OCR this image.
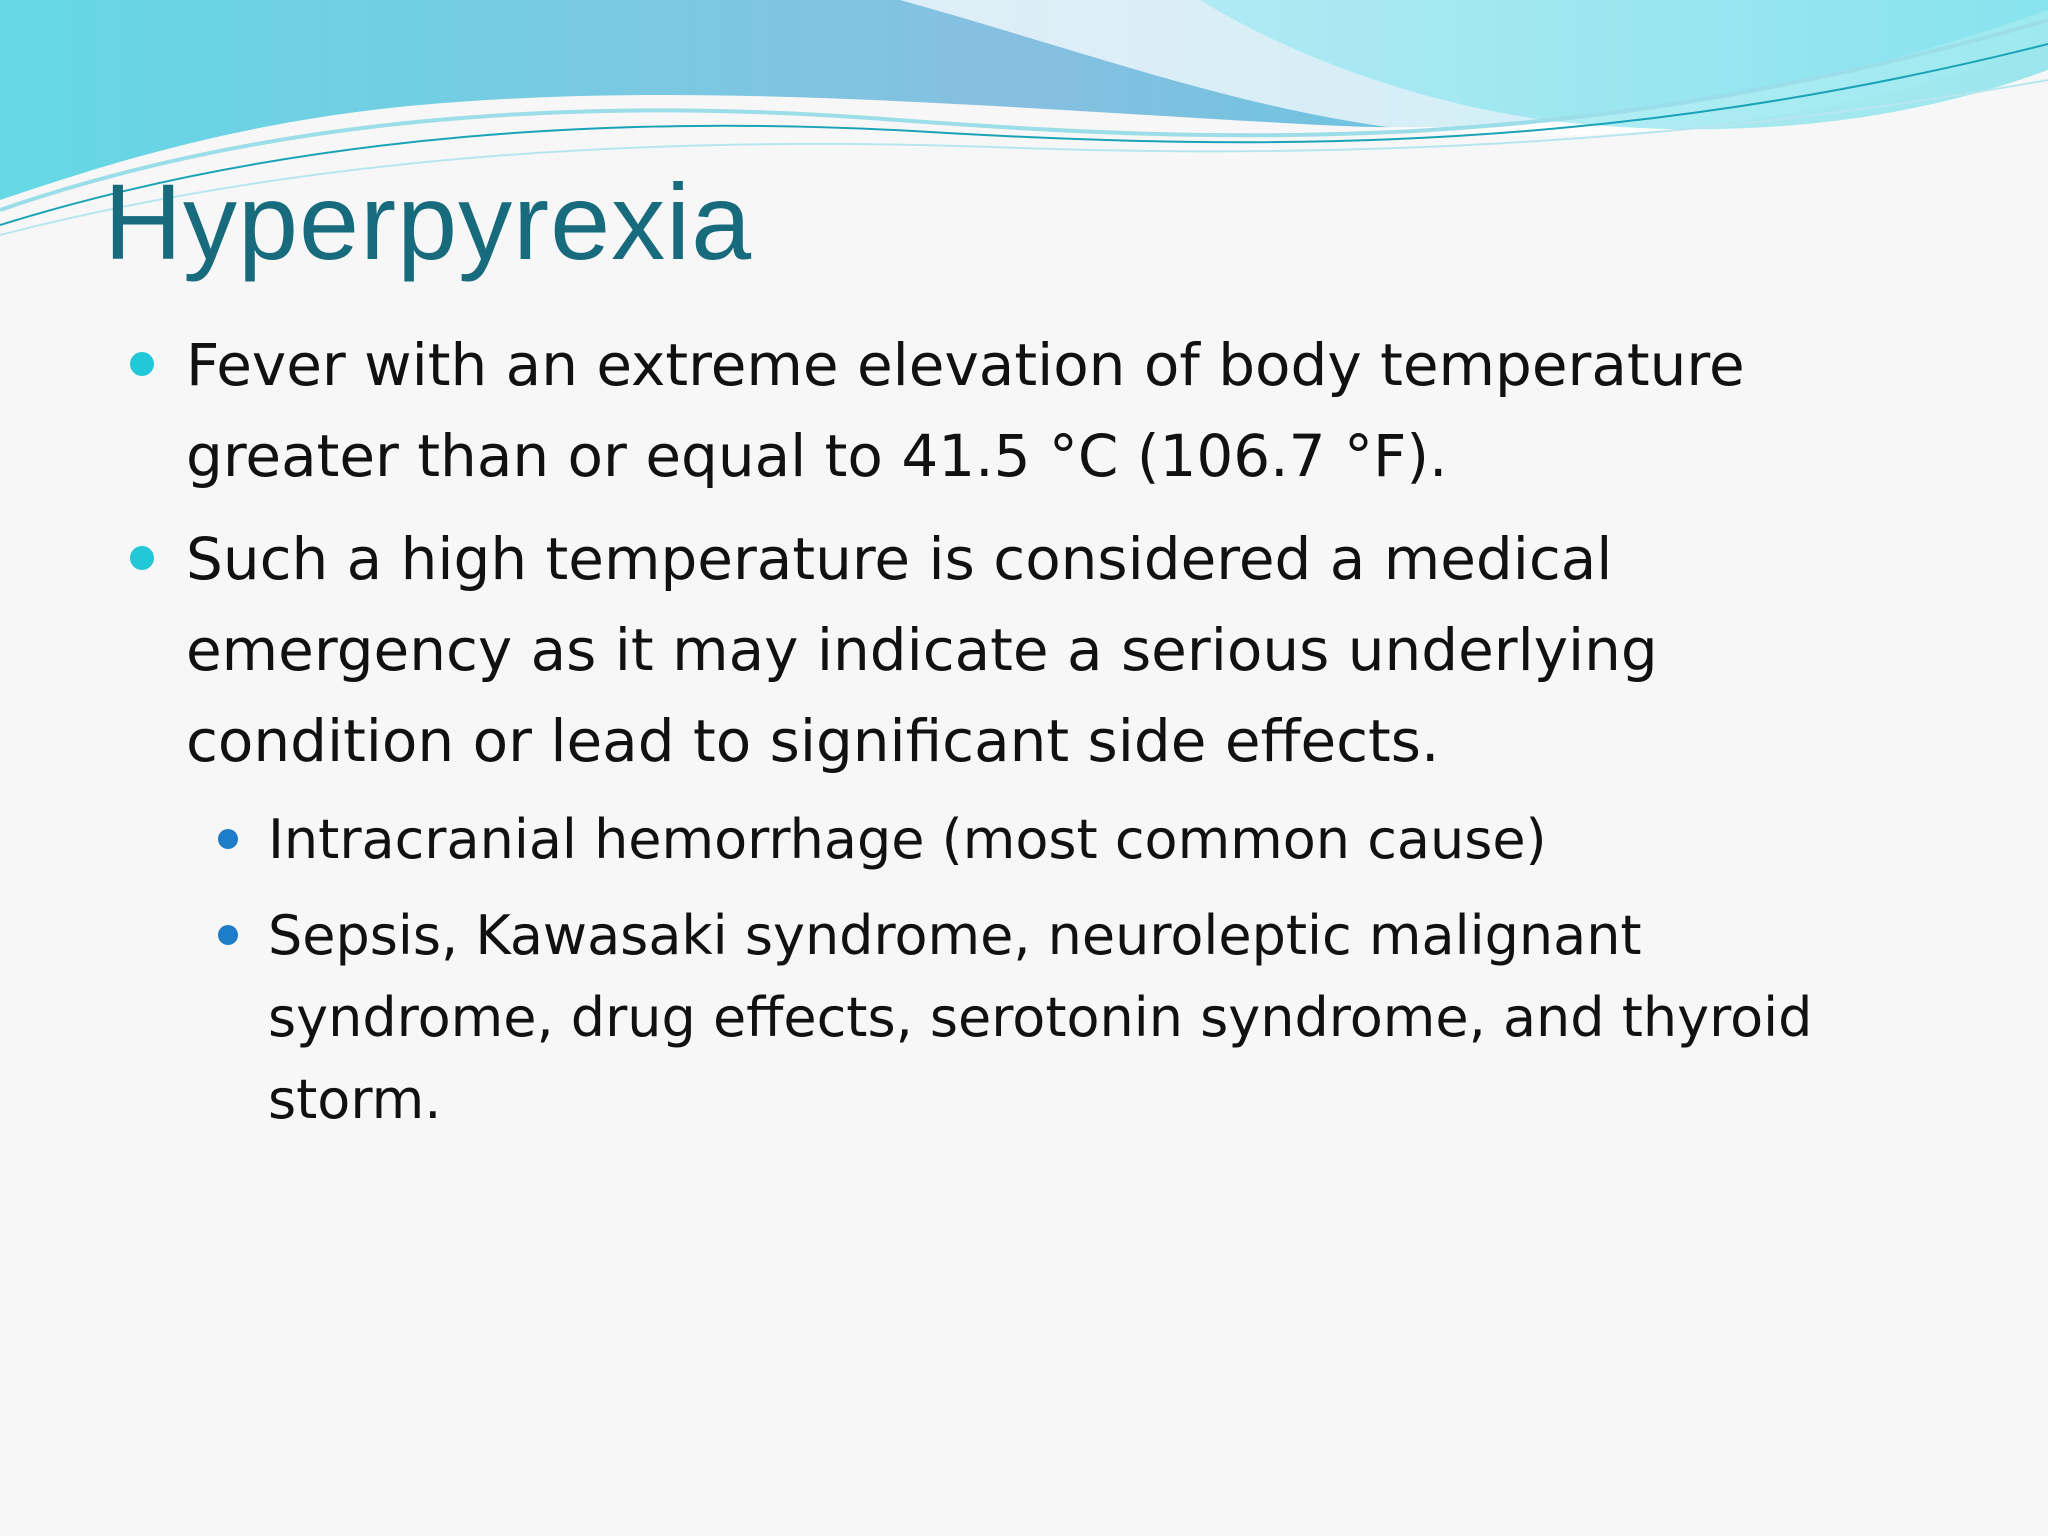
Hyperpyrexia
Fever with an extreme elevation of body temperature greater than or equal to 41.5 °C (106.7 °F).
Such a high temperature is considered a medical emergency as it may indicate a serious underlying condition or lead to significant side effects.
Intracranial hemorrhage (most common cause)
Sepsis, Kawasaki syndrome, neuroleptic malignant syndrome, drug effects, serotonin syndrome, and thyroid storm.
